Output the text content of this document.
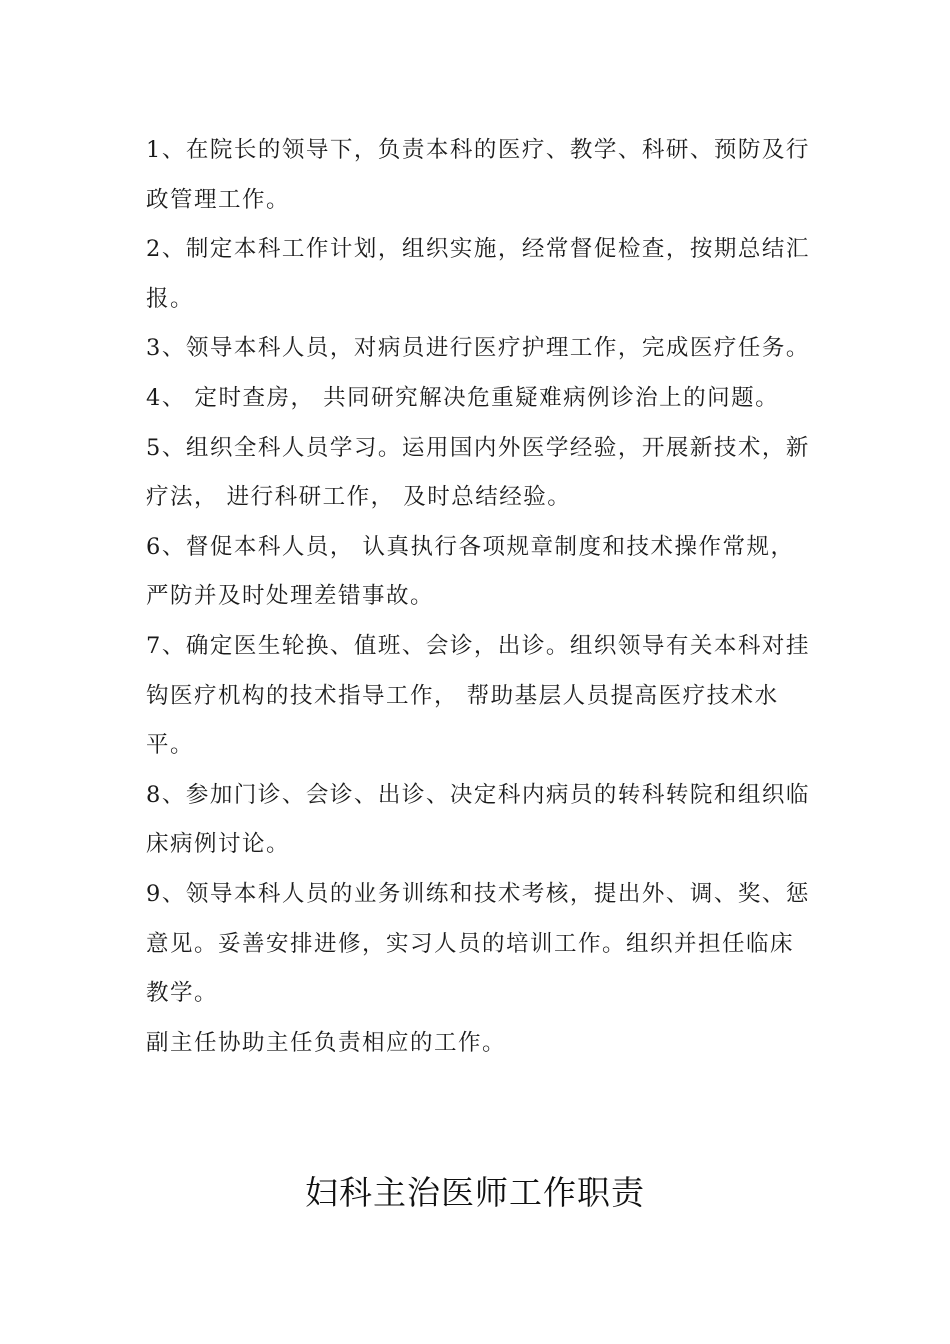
1、在院长的领导下，负责本科的医疗、教学、科研、预防及行
政管理工作。
2、制定本科工作计划，组织实施，经常督促检查，按期总结汇
报。
3、领导本科人员，对病员进行医疗护理工作，完成医疗任务。
4、 定时查房， 共同研究解决危重疑难病例诊治上的问题。
5、组织全科人员学习。运用国内外医学经验，开展新技术，新
疗法， 进行科研工作， 及时总结经验。
6、督促本科人员， 认真执行各项规章制度和技术操作常规，
严防并及时处理差错事故。
7、确定医生轮换、值班、会诊，出诊。组织领导有关本科对挂
钩医疗机构的技术指导工作， 帮助基层人员提高医疗技术水
平。
8、参加门诊、会诊、出诊、决定科内病员的转科转院和组织临
床病例讨论。
9、领导本科人员的业务训练和技术考核，提出外、调、奖、惩
意见。妥善安排进修，实习人员的培训工作。组织并担任临床
教学。
副主任协助主任负责相应的工作。
妇科主治医师工作职责
